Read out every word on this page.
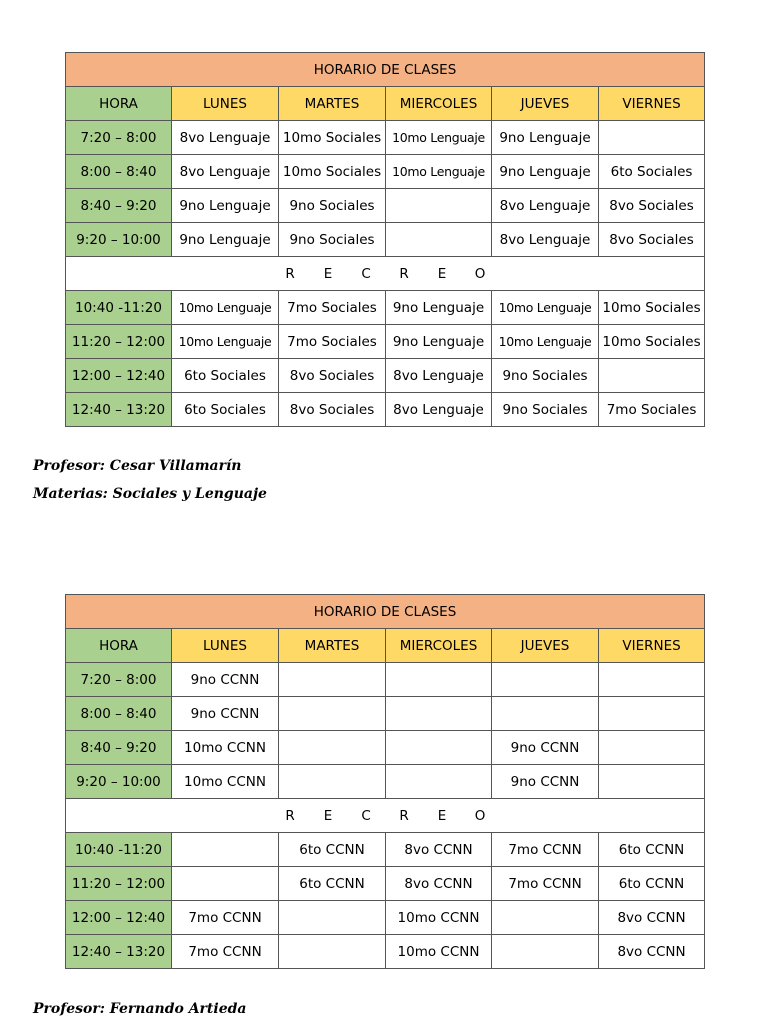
HORARIO DE CLASES					
HORA	LUNES	MARTES	MIERCOLES	JUEVES	VIERNES
7:20 – 8:00	8vo Lenguaje	10mo Sociales	10mo Lenguaje	9no Lenguaje	
8:00 – 8:40	8vo Lenguaje	10mo Sociales	10mo Lenguaje	9no Lenguaje	6to Sociales
8:40 – 9:20	9no Lenguaje	9no Sociales		8vo Lenguaje	8vo Sociales
9:20 – 10:00	9no Lenguaje	9no Sociales		8vo Lenguaje	8vo Sociales
R E C R E O					
10:40 -11:20	10mo Lenguaje	7mo Sociales	9no Lenguaje	10mo Lenguaje	10mo Sociales
11:20 – 12:00	10mo Lenguaje	7mo Sociales	9no Lenguaje	10mo Lenguaje	10mo Sociales
12:00 – 12:40	6to Sociales	8vo Sociales	8vo Lenguaje	9no Sociales	
12:40 – 13:20	6to Sociales	8vo Sociales	8vo Lenguaje	9no Sociales	7mo Sociales
Profesor: Cesar Villamarín
Materias: Sociales y Lenguaje
HORARIO DE CLASES					
HORA	LUNES	MARTES	MIERCOLES	JUEVES	VIERNES
7:20 – 8:00	9no CCNN				
8:00 – 8:40	9no CCNN				
8:40 – 9:20	10mo CCNN			9no CCNN	
9:20 – 10:00	10mo CCNN			9no CCNN	
R E C R E O					
10:40 -11:20		6to CCNN	8vo CCNN	7mo CCNN	6to CCNN
11:20 – 12:00		6to CCNN	8vo CCNN	7mo CCNN	6to CCNN
12:00 – 12:40	7mo CCNN		10mo CCNN		8vo CCNN
12:40 – 13:20	7mo CCNN		10mo CCNN		8vo CCNN
Profesor: Fernando Artieda
